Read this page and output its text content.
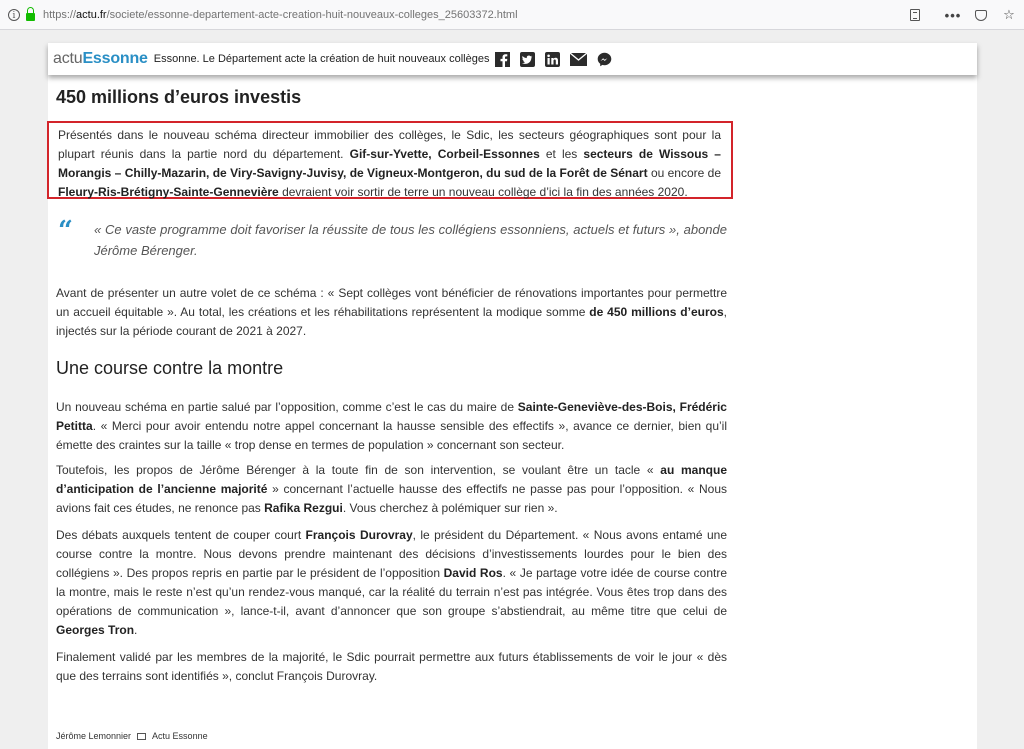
i	https://actu.fr/societe/essonne-departement-acte-creation-huit-nouveaux-colleges_25603372.html	•••	☆
actuEssonne Essonne. Le Département acte la création de huit nouveaux collèges
450 millions d’euros investis

Présentés dans le nouveau schéma directeur immobilier des collèges, le Sdic, les secteurs géographiques sont pour la plupart réunis dans la partie nord du département. Gif-sur-Yvette, Corbeil-Essonnes et les secteurs de Wissous – Morangis – Chilly-Mazarin, de Viry-Savigny-Juvisy, de Vigneux-Montgeron, du sud de la Forêt de Sénart ou encore de Fleury-Ris-Brétigny-Sainte-Gennevière devraient voir sortir de terre un nouveau collège d’ici la fin des années 2020.

“ « Ce vaste programme doit favoriser la réussite de tous les collégiens essonniens, actuels et futurs », abonde Jérôme Bérenger.

Avant de présenter un autre volet de ce schéma : « Sept collèges vont bénéficier de rénovations importantes pour permettre un accueil équitable ». Au total, les créations et les réhabilitations représentent la modique somme de 450 millions d’euros, injectés sur la période courant de 2021 à 2027.

Une course contre la montre

Un nouveau schéma en partie salué par l’opposition, comme c’est le cas du maire de Sainte-Geneviève-des-Bois, Frédéric Petitta. « Merci pour avoir entendu notre appel concernant la hausse sensible des effectifs », avance ce dernier, bien qu’il émette des craintes sur la taille « trop dense en termes de population » concernant son secteur.

Toutefois, les propos de Jérôme Bérenger à la toute fin de son intervention, se voulant être un tacle « au manque d’anticipation de l’ancienne majorité » concernant l’actuelle hausse des effectifs ne passe pas pour l’opposition. « Nous avions fait ces études, ne renonce pas Rafika Rezgui. Vous cherchez à polémiquer sur rien ».

Des débats auxquels tentent de couper court François Durovray, le président du Département. « Nous avons entamé une course contre la montre. Nous devons prendre maintenant des décisions d’investissements lourdes pour le bien des collégiens ». Des propos repris en partie par le président de l’opposition David Ros. « Je partage votre idée de course contre la montre, mais le reste n’est qu’un rendez-vous manqué, car la réalité du terrain n’est pas intégrée. Vous êtes trop dans des opérations de communication », lance-t-il, avant d’annoncer que son groupe s’abstiendrait, au même titre que celui de Georges Tron.

Finalement validé par les membres de la majorité, le Sdic pourrait permettre aux futurs établissements de voir le jour « dès que des terrains sont identifiés », conclut François Durovray.

Jérôme Lemonnier Actu Essonne
